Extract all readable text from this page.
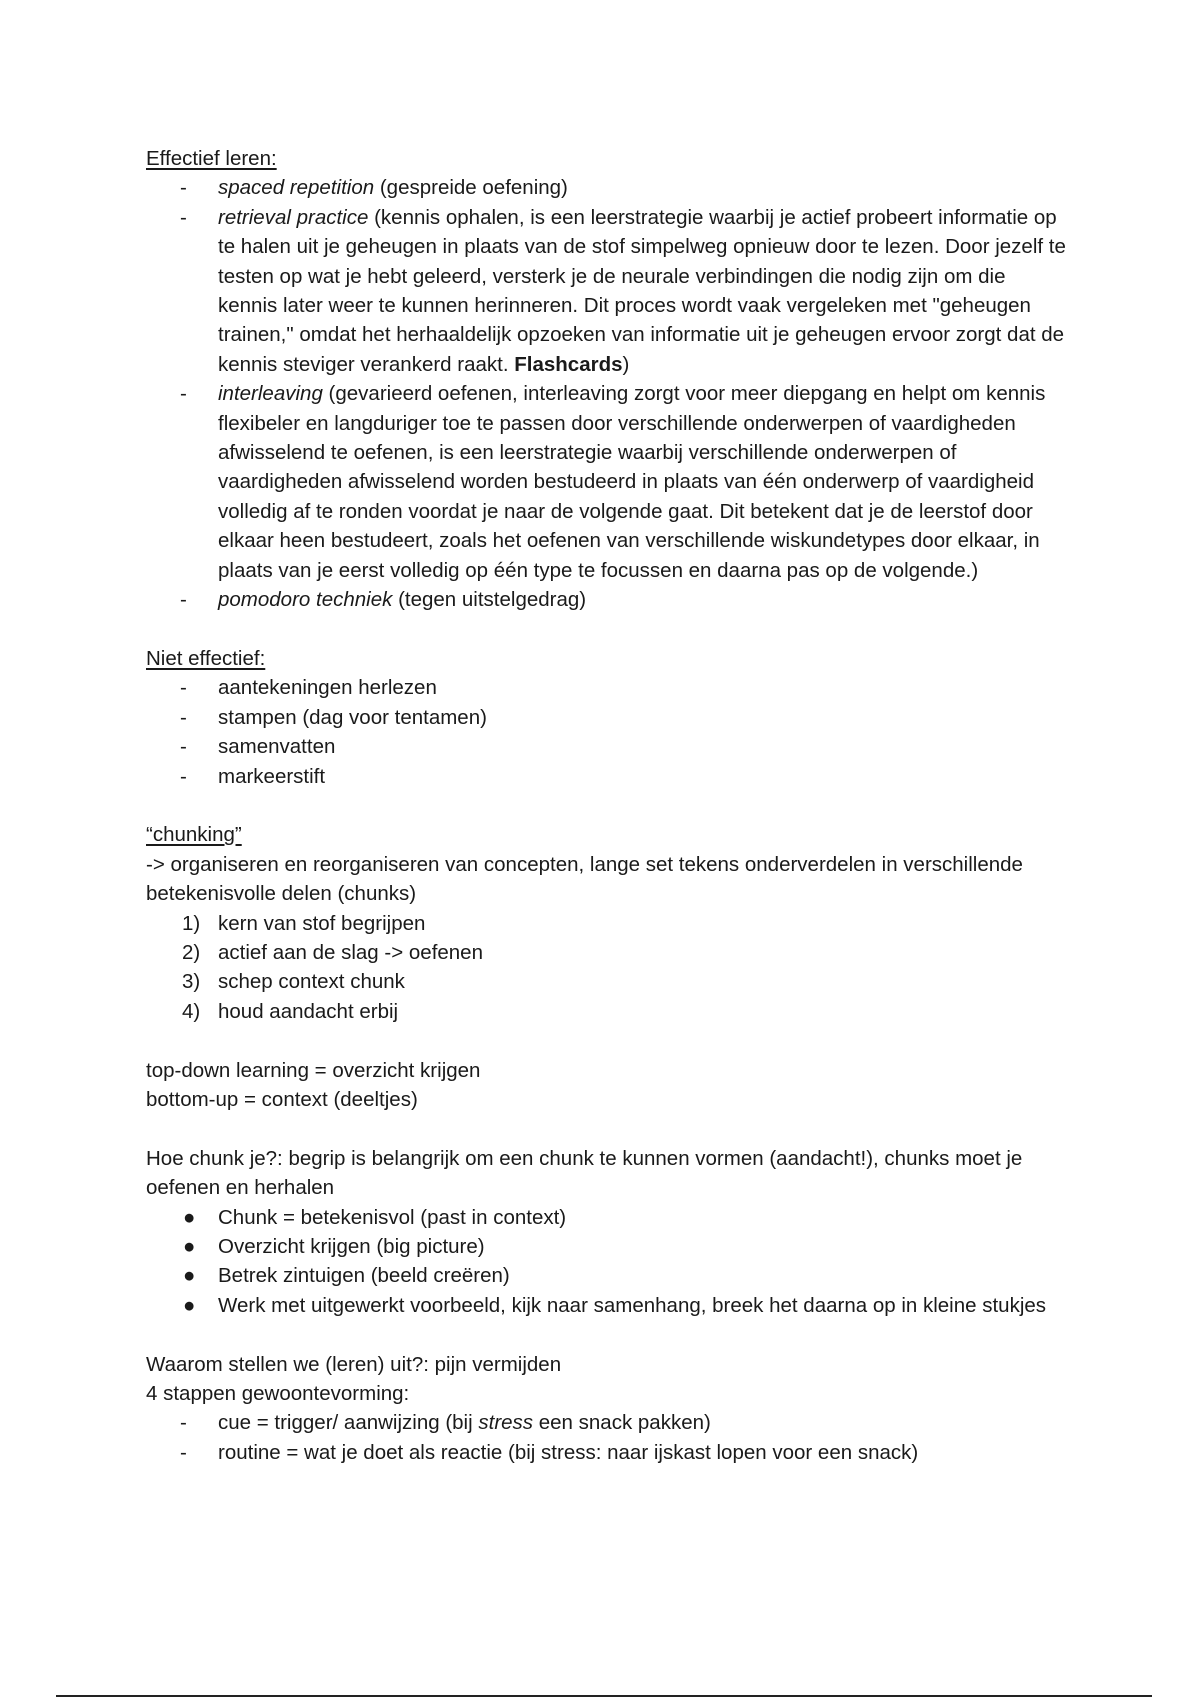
Effectief leren:
- spaced repetition (gespreide oefening)
- retrieval practice (kennis ophalen, is een leerstrategie waarbij je actief probeert informatie op te halen uit je geheugen in plaats van de stof simpelweg opnieuw door te lezen. Door jezelf te testen op wat je hebt geleerd, versterk je de neurale verbindingen die nodig zijn om die kennis later weer te kunnen herinneren. Dit proces wordt vaak vergeleken met "geheugen trainen," omdat het herhaaldelijk opzoeken van informatie uit je geheugen ervoor zorgt dat de kennis steviger verankerd raakt. Flashcards)
- interleaving (gevarieerd oefenen, interleaving zorgt voor meer diepgang en helpt om kennis flexibeler en langduriger toe te passen door verschillende onderwerpen of vaardigheden afwisselend te oefenen, is een leerstrategie waarbij verschillende onderwerpen of vaardigheden afwisselend worden bestudeerd in plaats van één onderwerp of vaardigheid volledig af te ronden voordat je naar de volgende gaat. Dit betekent dat je de leerstof door elkaar heen bestudeert, zoals het oefenen van verschillende wiskundetypes door elkaar, in plaats van je eerst volledig op één type te focussen en daarna pas op de volgende.)
- pomodoro techniek (tegen uitstelgedrag)
Niet effectief:
- aantekeningen herlezen
- stampen (dag voor tentamen)
- samenvatten
- markeerstift
“chunking”

-> organiseren en reorganiseren van concepten, lange set tekens onderverdelen in verschillende betekenisvolle delen (chunks)

1) kern van stof begrijpen
2) actief aan de slag -> oefenen
3) schep context chunk
4) houd aandacht erbij

top-down learning = overzicht krijgen

bottom-up = context (deeltjes)

Hoe chunk je?: begrip is belangrijk om een chunk te kunnen vormen (aandacht!), chunks moet je oefenen en herhalen

● Chunk = betekenisvol (past in context)
● Overzicht krijgen (big picture)
● Betrek zintuigen (beeld creëren)
● Werk met uitgewerkt voorbeeld, kijk naar samenhang, breek het daarna op in kleine stukjes

Waarom stellen we (leren) uit?: pijn vermijden

4 stappen gewoontevorming:

- cue = trigger/ aanwijzing (bij stress een snack pakken)
- routine = wat je doet als reactie (bij stress: naar ijskast lopen voor een snack)
